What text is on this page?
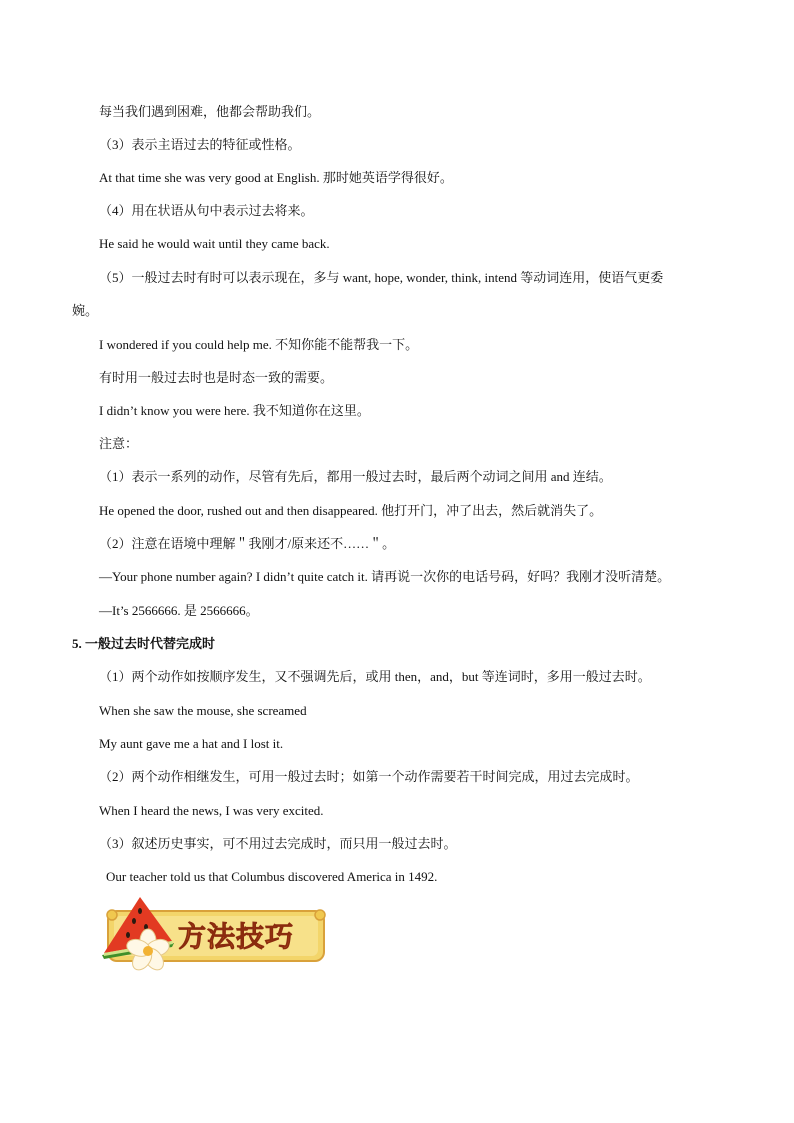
每当我们遇到困难，他都会帮助我们。
（3）表示主语过去的特征或性格。
At that time she was very good at English. 那时她英语学得很好。
（4）用在状语从句中表示过去将来。
He said he would wait until they came back.
（5）一般过去时有时可以表示现在，多与 want, hope, wonder, think, intend 等动词连用，使语气更委
婉。
I wondered if you could help me. 不知你能不能帮我一下。
有时用一般过去时也是时态一致的需要。
I didn’t know you were here. 我不知道你在这里。
注意：
（1）表示一系列的动作，尽管有先后，都用一般过去时，最后两个动词之间用 and 连结。
He opened the door, rushed out and then disappeared. 他打开门，冲了出去，然后就消失了。
（2）注意在语境中理解＂我刚才/原来还不……＂。
—Your phone number again? I didn’t quite catch it. 请再说一次你的电话号码，好吗？我刚才没听清楚。
—It’s 2566666. 是 2566666。
5. 一般过去时代替完成时
（1）两个动作如按顺序发生，又不强调先后，或用 then，and，but 等连词时，多用一般过去时。
When she saw the mouse, she screamed
My aunt gave me a hat and I lost it.
（2）两个动作相继发生，可用一般过去时；如第一个动作需要若干时间完成，用过去完成时。
When I heard the news, I was very excited.
（3）叙述历史事实，可不用过去完成时，而只用一般过去时。
Our teacher told us that Columbus discovered America in 1492.
方法技巧
